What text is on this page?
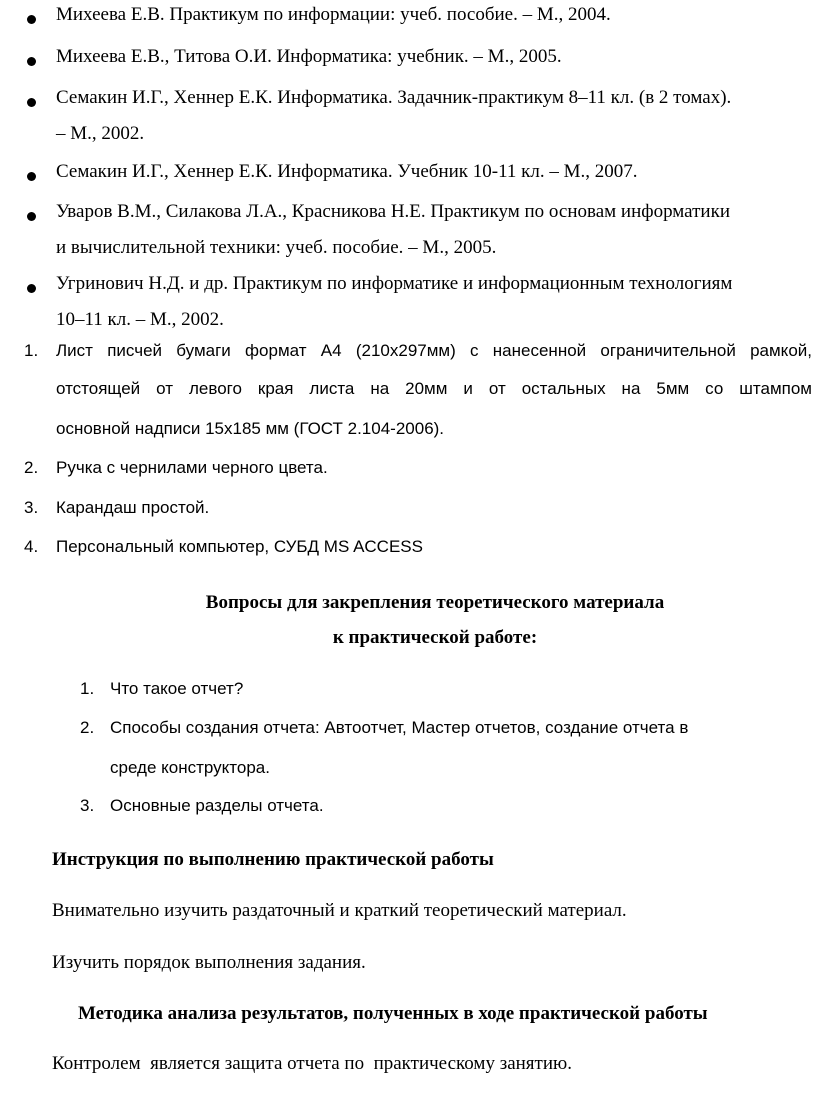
Михеева Е.В. Практикум по информации: учеб. пособие. – М., 2004.
Михеева Е.В., Титова О.И. Информатика: учебник. – М., 2005.
Семакин И.Г., Хеннер Е.К. Информатика. Задачник-практикум 8–11 кл. (в 2 томах).
– М., 2002.
Семакин И.Г., Хеннер Е.К. Информатика. Учебник 10-11 кл. – М., 2007.
Уваров В.М., Силакова Л.А., Красникова Н.Е. Практикум по основам информатики
и вычислительной техники: учеб. пособие. – М., 2005.
Угринович Н.Д. и др. Практикум по информатике и информационным технологиям
10–11 кл. – М., 2002.
1. Лист писчей бумаги формат А4 (210х297мм) с нанесенной ограничительной рамкой,
отстоящей от левого края листа на 20мм и от остальных на 5мм со штампом
основной надписи 15х185 мм (ГОСТ 2.104-2006).
2. Ручка с чернилами черного цвета.
3. Карандаш простой.
4. Персональный компьютер, СУБД MS ACCESS
Вопросы для закрепления теоретического материала
к практической работе:
1. Что такое отчет?
2. Способы создания отчета: Автоотчет, Мастер отчетов, создание отчета в
среде конструктора.
3. Основные разделы отчета.
Инструкция по выполнению практической работы
Внимательно изучить раздаточный и краткий теоретический материал.
Изучить порядок выполнения задания.
Методика анализа результатов, полученных в ходе практической работы
Контролем  является защита отчета по  практическому занятию.
